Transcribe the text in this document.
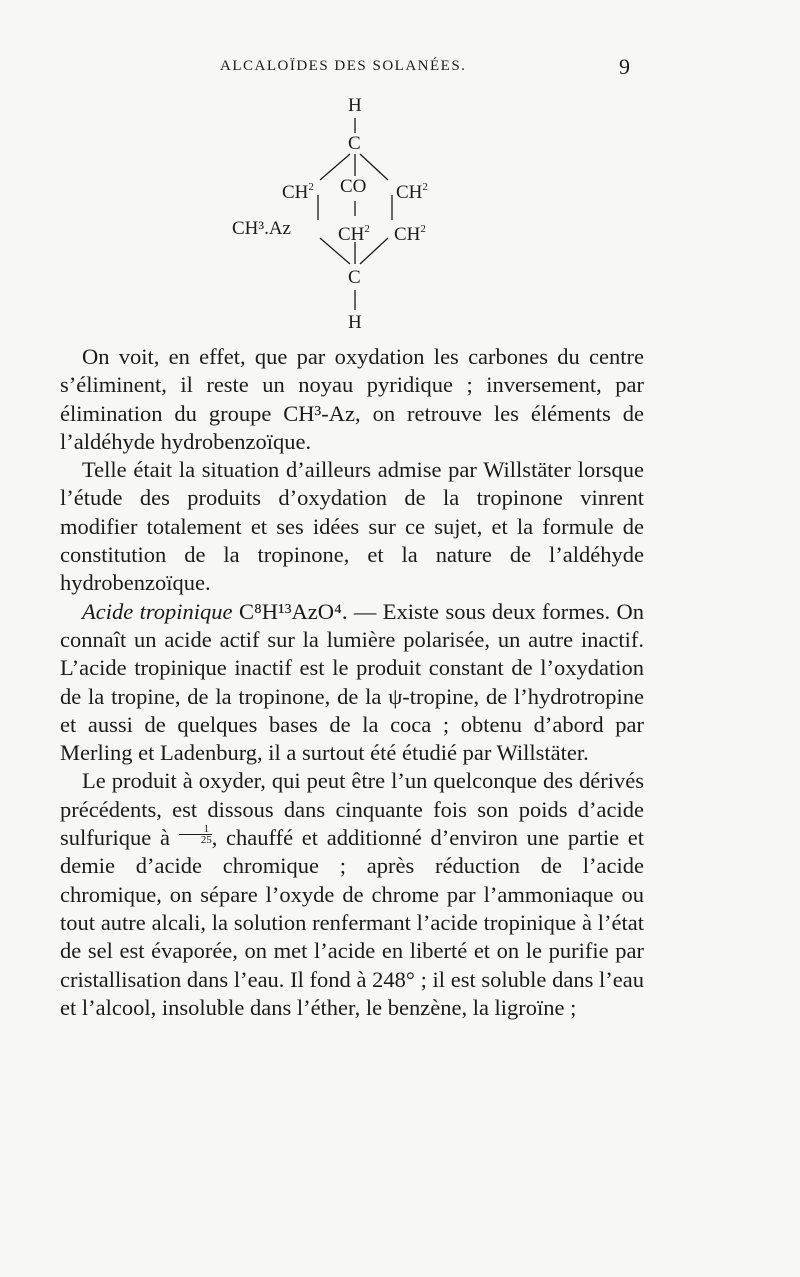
ALCALOÏDES DES SOLANÉES.	9
H
C
$CH^2$ CO $CH^2$
CH³.Az $CH^2$ $CH^2$
C
H

On voit, en effet, que par oxydation les carbones du centre s’éliminent, il reste un noyau pyridique ; inversement, par élimination du groupe CH³-Az, on retrouve les éléments de l’aldéhyde hydrobenzoïque.

Telle était la situation d’ailleurs admise par Willstäter lorsque l’étude des produits d’oxydation de la tropinone vinrent modifier totalement et ses idées sur ce sujet, et la formule de constitution de la tropinone, et la nature de l’aldéhyde hydrobenzoïque.

Acide tropinique C⁸H¹³AzO⁴. — Existe sous deux formes. On connaît un acide actif sur la lumière polarisée, un autre inactif. L’acide tropinique inactif est le produit constant de l’oxydation de la tropine, de la tropinone, de la ψ-tropine, de l’hydrotropine et aussi de quelques bases de la coca ; obtenu d’abord par Merling et Ladenburg, il a surtout été étudié par Willstäter.

Le produit à oxyder, qui peut être l’un quelconque des dérivés précédents, est dissous dans cinquante fois son poids d’acide sulfurique à $\frac{1}{25}$ , chauffé et additionné d’environ une partie et demie d’acide chromique ; après réduction de l’acide chromique, on sépare l’oxyde de chrome par l’ammoniaque ou tout autre alcali, la solution renfermant l’acide tropinique à l’état de sel est évaporée, on met l’acide en liberté et on le purifie par cristallisation dans l’eau. Il fond à 248° ; il est soluble dans l’eau et l’alcool, insoluble dans l’éther, le benzène, la ligroïne ;
